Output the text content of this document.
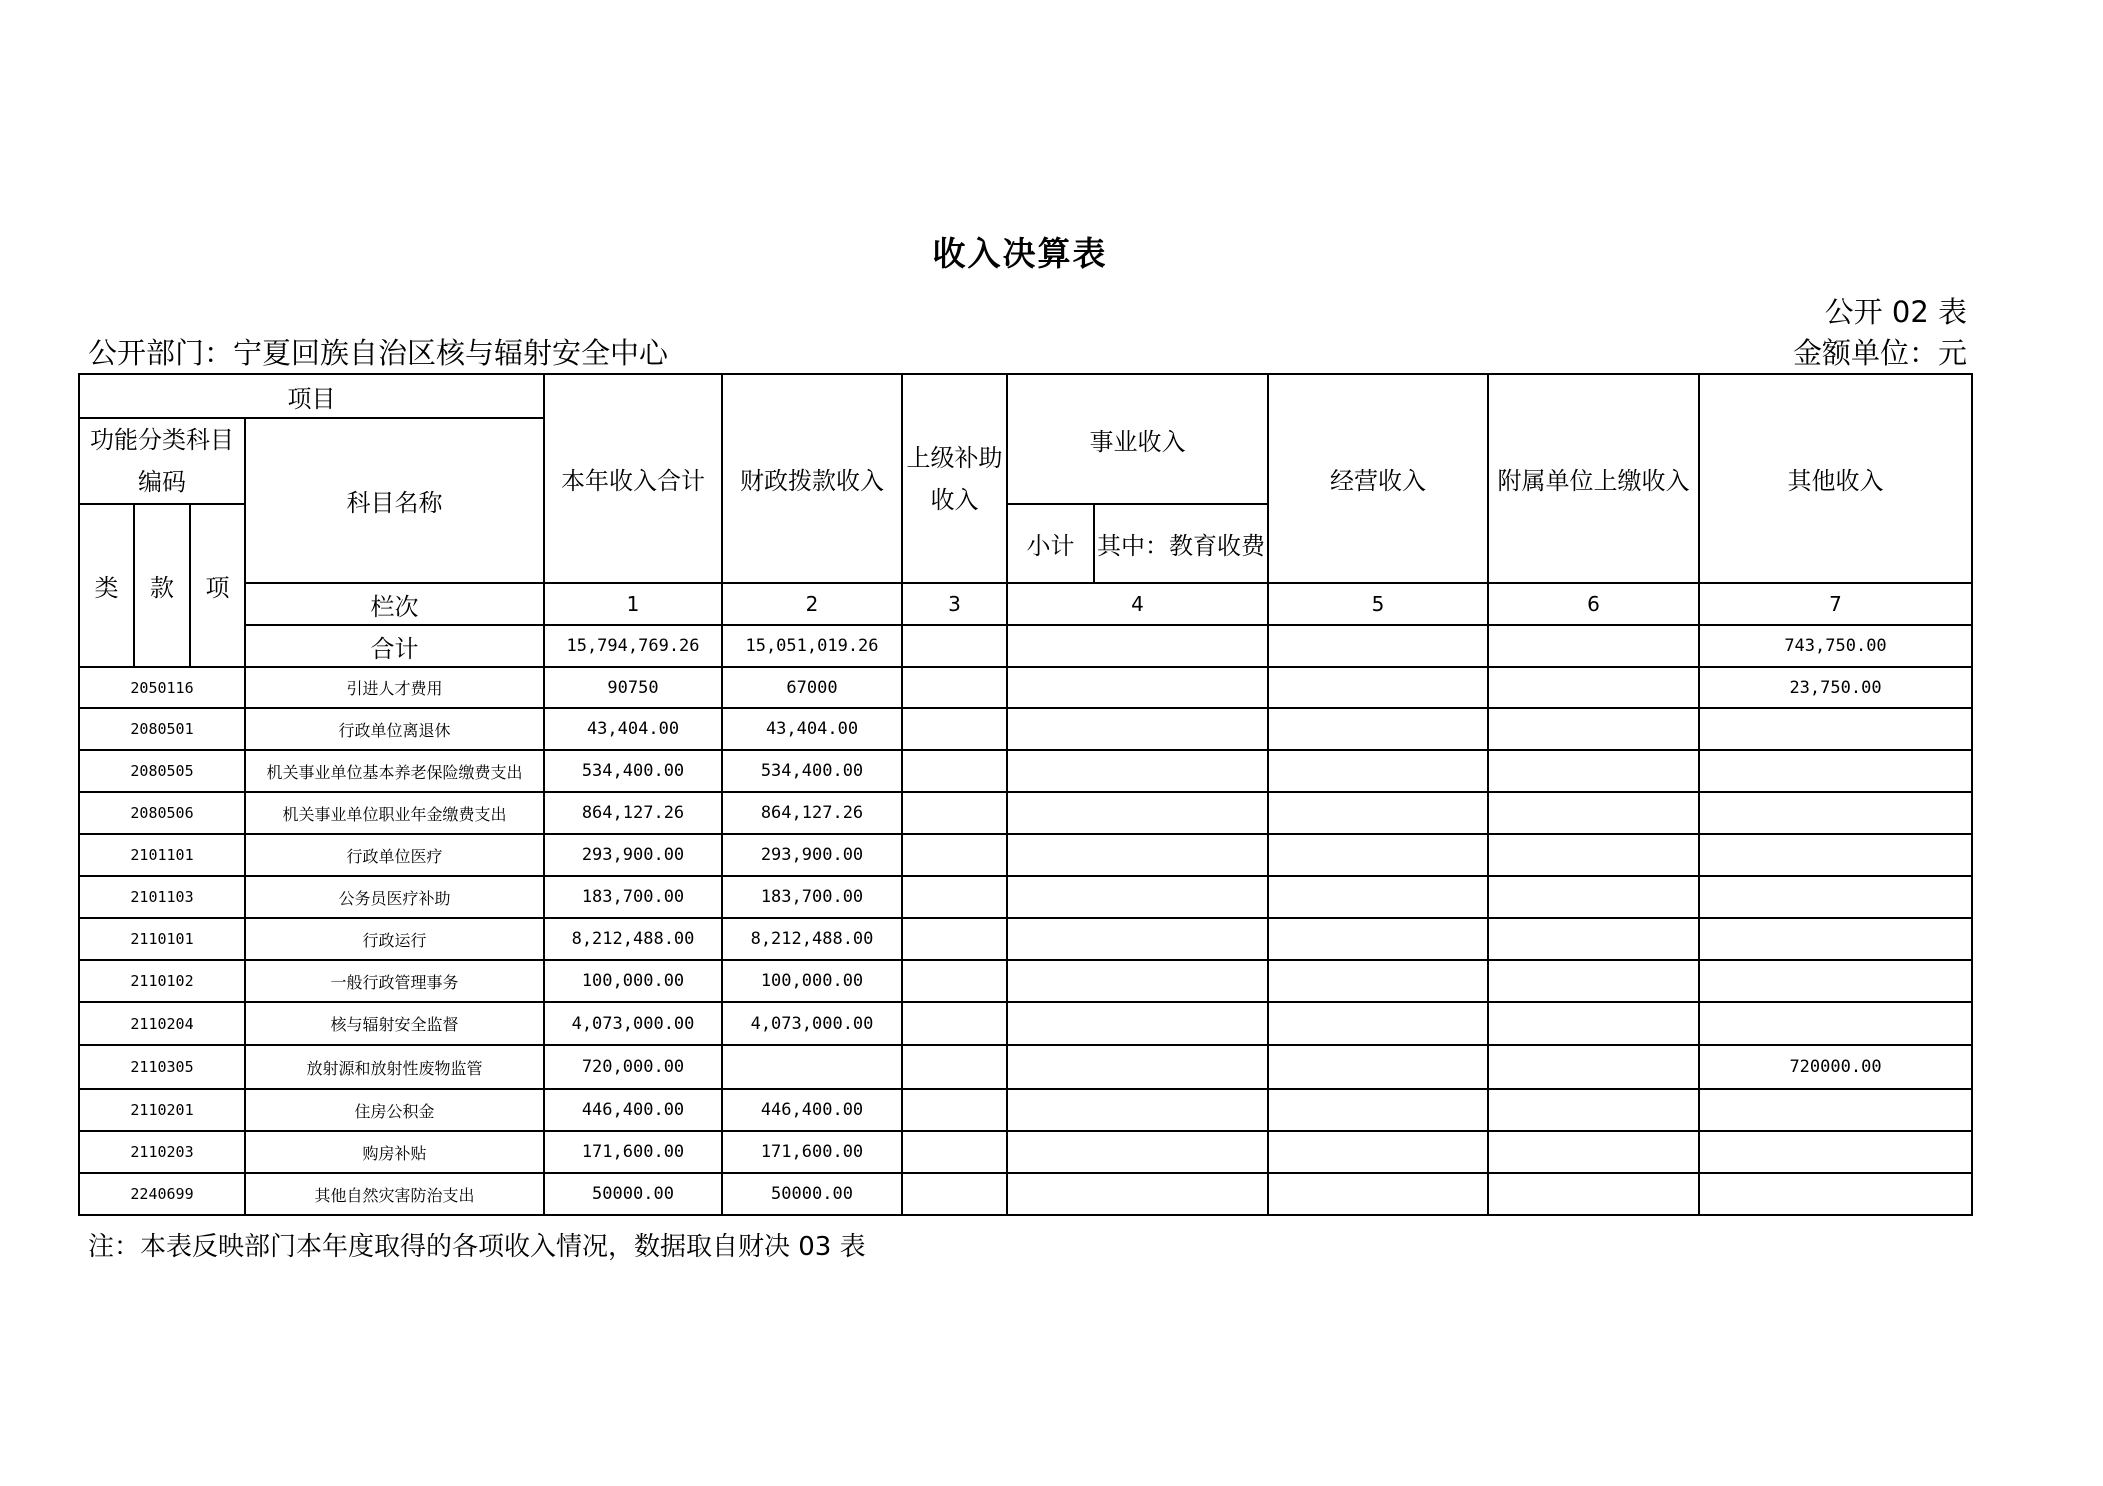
收入决算表
公开 02 表
公开部门：宁夏回族自治区核与辐射安全中心	金额单位：元
项目				本年收入合计	财政拨款收入	上级补助收入	事业收入		经营收入	附属单位上缴收入	其他收入
功能分类科目编码			科目名称								
类	款	项					小计	其中：教育收费			
			栏次	1	2	3	4		5	6	7
			合计	15,794,769.26	15,051,019.26						743,750.00
2050116			引进人才费用	90750	67000						23,750.00
2080501			行政单位离退休	43,404.00	43,404.00						
2080505			机关事业单位基本养老保险缴费支出	534,400.00	534,400.00						
2080506			机关事业单位职业年金缴费支出	864,127.26	864,127.26						
2101101			行政单位医疗	293,900.00	293,900.00						
2101103			公务员医疗补助	183,700.00	183,700.00						
2110101			行政运行	8,212,488.00	8,212,488.00						
2110102			一般行政管理事务	100,000.00	100,000.00						
2110204			核与辐射安全监督	4,073,000.00	4,073,000.00						
2110305			放射源和放射性废物监管	720,000.00							720000.00
2110201			住房公积金	446,400.00	446,400.00						
2110203			购房补贴	171,600.00	171,600.00						
2240699			其他自然灾害防治支出	50000.00	50000.00						
注：本表反映部门本年度取得的各项收入情况，数据取自财决 03 表
